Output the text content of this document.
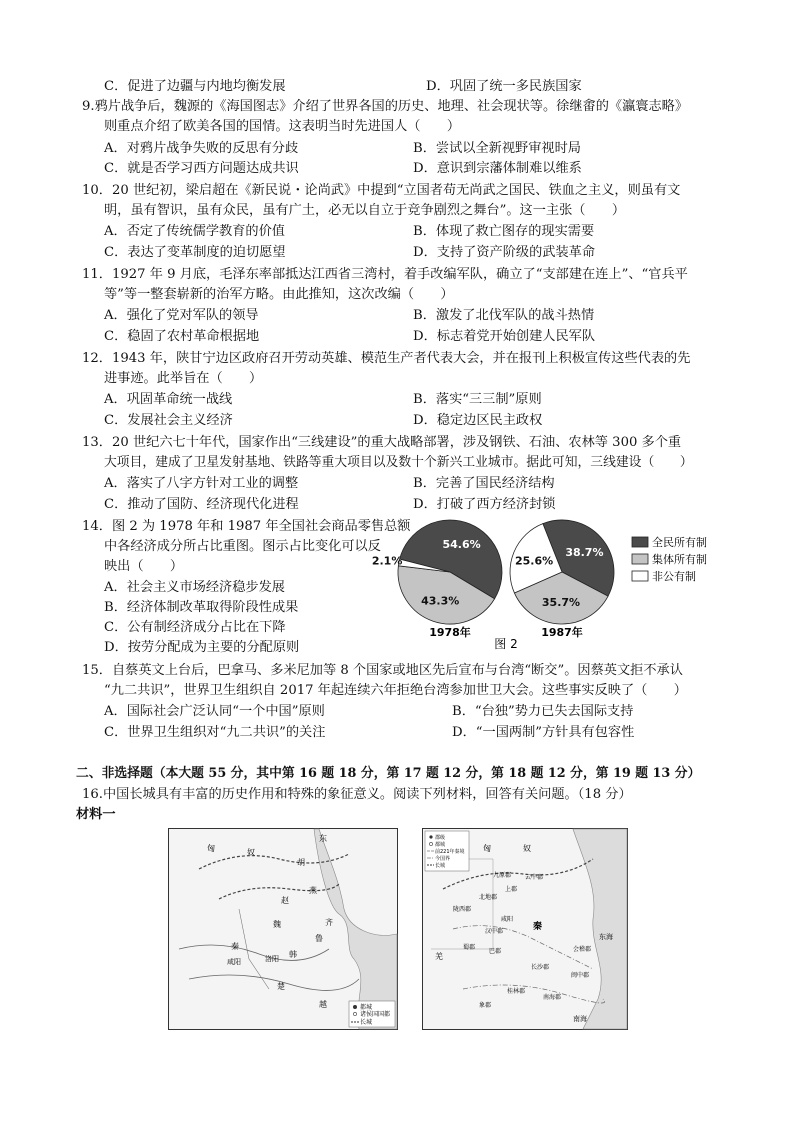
C．促进了边疆与内地均衡发展	D．巩固了统一多民族国家
9.鸦片战争后，魏源的《海国图志》介绍了世界各国的历史、地理、社会现状等。徐继畬的《瀛寰志略》
则重点介绍了欧美各国的国情。这表明当时先进国人（　　）
A．对鸦片战争失败的反思有分歧	B．尝试以全新视野审视时局
C．就是否学习西方问题达成共识	D．意识到宗藩体制难以维系
10．20 世纪初，梁启超在《新民说・论尚武》中提到“立国者苟无尚武之国民、铁血之主义，则虽有文
明，虽有智识，虽有众民，虽有广土，必无以自立于竞争剧烈之舞台”。这一主张（　　）
A．否定了传统儒学教育的价值	B．体现了救亡图存的现实需要
C．表达了变革制度的迫切愿望	D．支持了资产阶级的武装革命
11．1927 年 9 月底，毛泽东率部抵达江西省三湾村，着手改编军队，确立了“支部建在连上”、“官兵平
等”等一整套崭新的治军方略。由此推知，这次改编（　　）
A．强化了党对军队的领导	B．激发了北伐军队的战斗热情
C．稳固了农村革命根据地	D．标志着党开始创建人民军队
12．1943 年，陕甘宁边区政府召开劳动英雄、模范生产者代表大会，并在报刊上积极宣传这些代表的先
进事迹。此举旨在（　　）
A．巩固革命统一战线	B．落实“三三制”原则
C．发展社会主义经济	D．稳定边区民主政权
13．20 世纪六七十年代，国家作出“三线建设”的重大战略部署，涉及钢铁、石油、农林等 300 多个重
大项目，建成了卫星发射基地、铁路等重大项目以及数十个新兴工业城市。据此可知，三线建设（　　）
A．落实了八字方针对工业的调整	B．完善了国民经济结构
C．推动了国防、经济现代化进程	D．打破了西方经济封锁
14．图 2 为 1978 年和 1987 年全国社会商品零售总额
中各经济成分所占比重图。图示占比变化可以反
映出（　　）
A．社会主义市场经济稳步发展
B．经济体制改革取得阶段性成果
C．公有制经济成分占比在下降
D．按劳分配成为主要的分配原则
54.6%
43.3%
2.1%
1978年
38.7%
35.7%
25.6%
1987年
全民所有制
集体所有制
非公有制
图 2
15．自蔡英文上台后，巴拿马、多米尼加等 8 个国家或地区先后宣布与台湾“断交”。因蔡英文拒不承认
“九二共识”，世界卫生组织自 2017 年起连续六年拒绝台湾参加世卫大会。这些事实反映了（　　）
A．国际社会广泛认同“一个中国”原则	B．“台独”势力已失去国际支持
C．世界卫生组织对“九二共识”的关注	D．“一国两制”方针具有包容性
二、非选择题（本大题 55 分，其中第 16 题 18 分，第 17 题 12 分，第 18 题 12 分，第 19 题 13 分）
16.中国长城具有丰富的历史作用和特殊的象征意义。阅读下列材料，回答有关问题。（18 分）
材料一
东
匈	奴
胡
燕
赵
魏
秦
咸阳	洛阳 韩
楚
越
齐
鲁
都城
诸侯国国都
长城
匈	奴
秦
咸阳
陇西郡
北地郡
上郡
云中郡
九原郡
汉中郡
巴郡
蜀郡
长沙郡
南海郡
桂林郡
象郡
闽中郡
会稽郡
东海
南海
羌
郡级
都城
前221年秦境
今国界
长城
